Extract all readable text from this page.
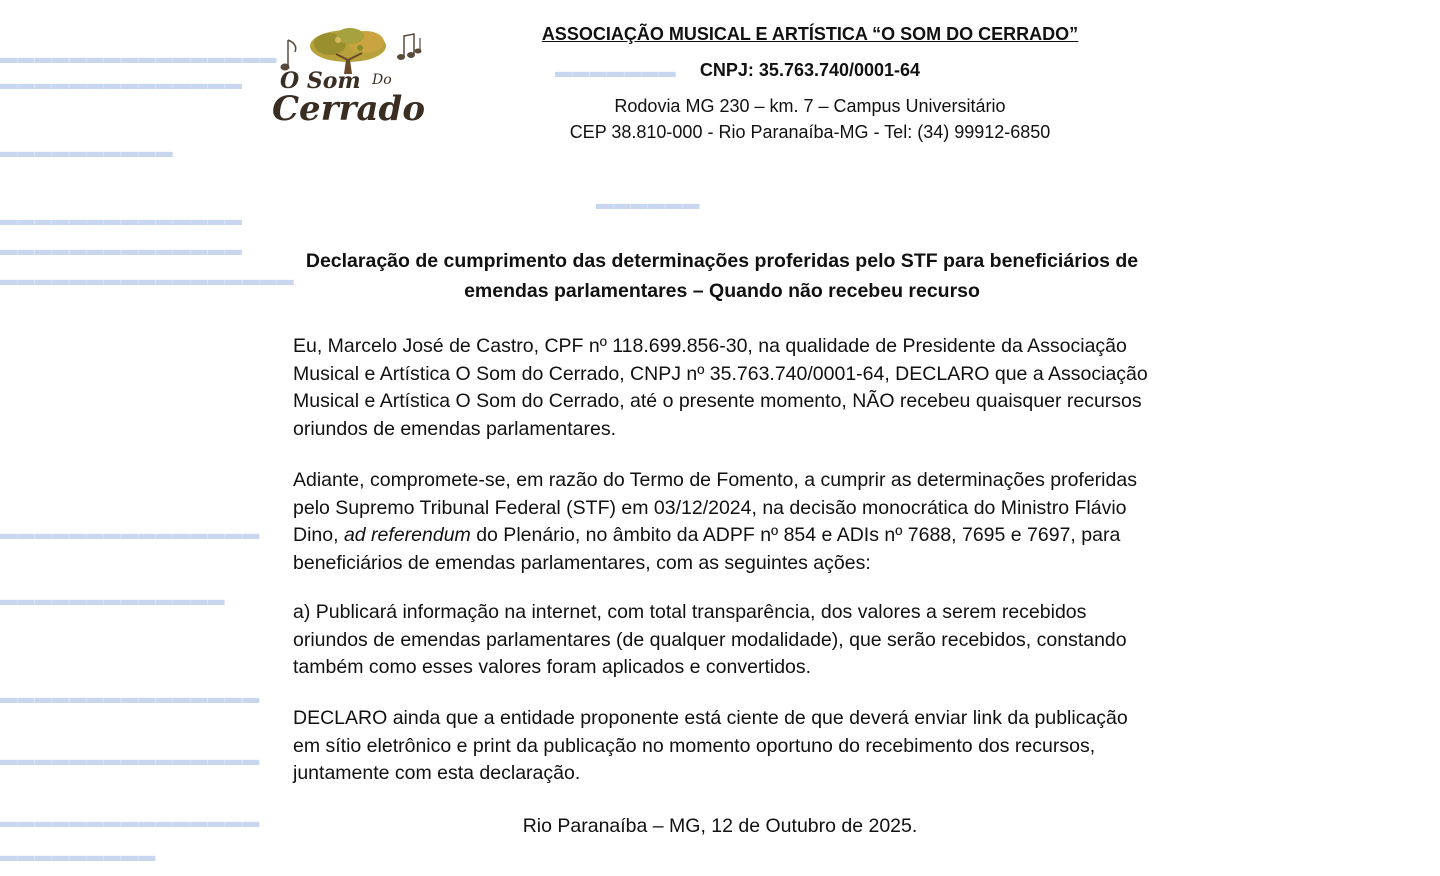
▬▬▬▬▬▬▬▬▬▬▬▬▬▬▬▬
▬▬▬▬▬▬▬▬▬▬▬▬▬▬
▬▬▬▬▬▬▬▬▬▬
▬▬▬▬▬▬▬▬▬▬▬▬▬▬
▬▬▬▬▬▬▬▬▬▬▬▬▬▬
▬▬▬▬▬▬▬▬▬▬▬▬▬▬▬▬▬
▬▬▬▬▬▬▬
▬▬▬▬▬▬
▬▬▬▬▬▬▬▬▬▬▬▬▬▬▬
▬▬▬▬▬▬▬▬▬▬▬▬▬
▬▬▬▬▬▬▬▬▬▬▬▬▬▬▬
▬▬▬▬▬▬▬▬▬▬▬▬▬▬▬
▬▬▬▬▬▬▬▬▬▬▬▬▬▬▬
▬▬▬▬▬▬▬▬▬
O Som Do
Cerrado
ASSOCIAÇÃO MUSICAL E ARTÍSTICA “O SOM DO CERRADO”
CNPJ: 35.763.740/0001-64
Rodovia MG 230 – km. 7 – Campus Universitário
CEP 38.810-000 - Rio Paranaíba-MG - Tel: (34) 99912-6850
Declaração de cumprimento das determinações proferidas pelo STF para beneficiários de emendas parlamentares – Quando não recebeu recurso

Eu, Marcelo José de Castro, CPF nº 118.699.856-30, na qualidade de Presidente da Associação Musical e Artística O Som do Cerrado, CNPJ nº 35.763.740/0001-64, DECLARO que a Associação Musical e Artística O Som do Cerrado, até o presente momento, NÃO recebeu quaisquer recursos oriundos de emendas parlamentares.

Adiante, compromete-se, em razão do Termo de Fomento, a cumprir as determinações proferidas pelo Supremo Tribunal Federal (STF) em 03/12/2024, na decisão monocrática do Ministro Flávio Dino, ad referendum do Plenário, no âmbito da ADPF nº 854 e ADIs nº 7688, 7695 e 7697, para beneficiários de emendas parlamentares, com as seguintes ações:

a) Publicará informação na internet, com total transparência, dos valores a serem recebidos oriundos de emendas parlamentares (de qualquer modalidade), que serão recebidos, constando também como esses valores foram aplicados e convertidos.

DECLARO ainda que a entidade proponente está ciente de que deverá enviar link da publicação em sítio eletrônico e print da publicação no momento oportuno do recebimento dos recursos, juntamente com esta declaração.

Rio Paranaíba – MG, 12 de Outubro de 2025.
